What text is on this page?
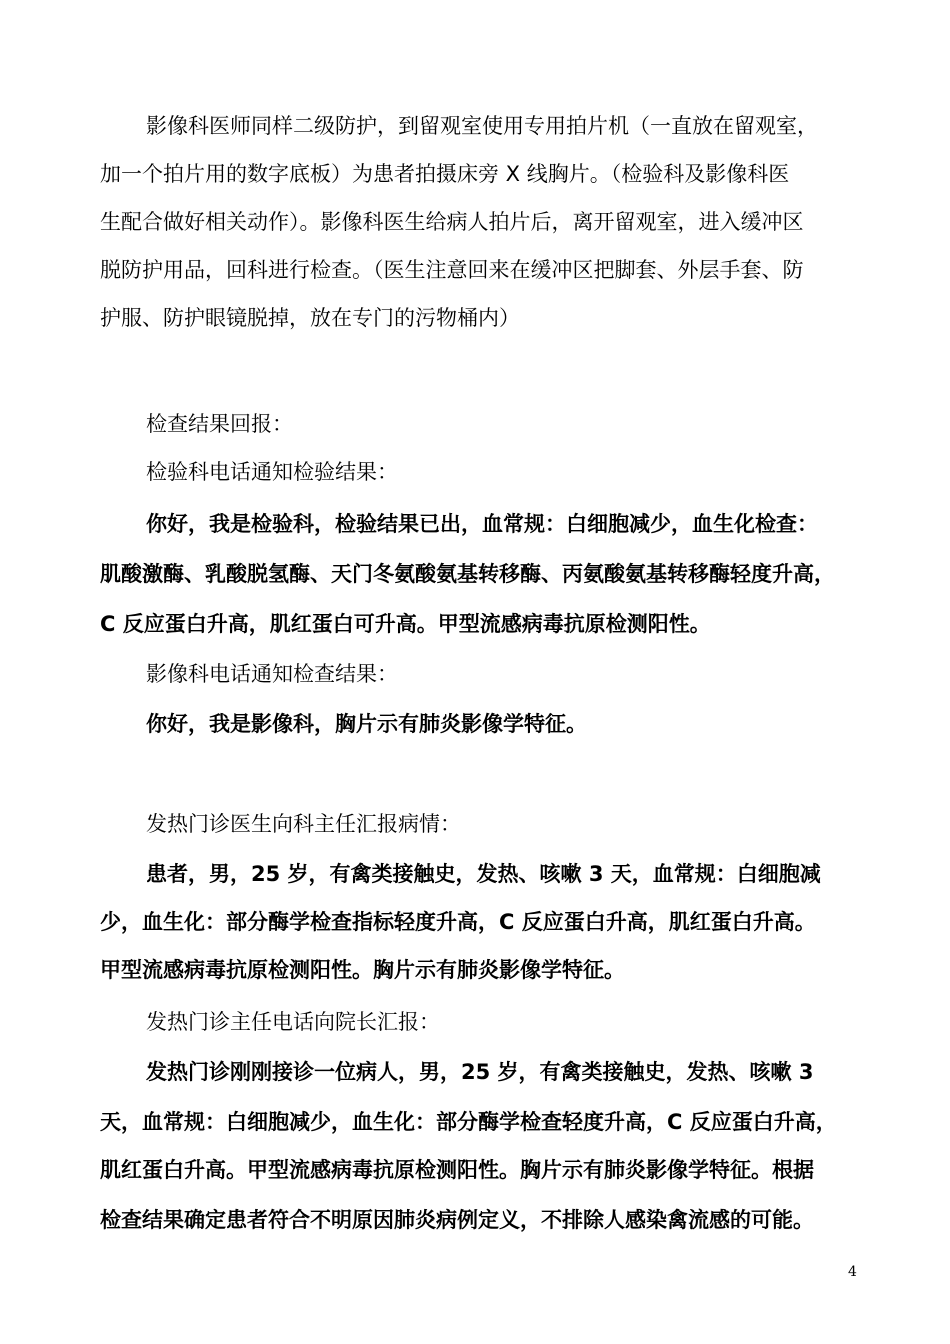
影像科医师同样二级防护，到留观室使用专用拍片机（一直放在留观室，
加一个拍片用的数字底板）为患者拍摄床旁 X 线胸片。（检验科及影像科医
生配合做好相关动作）。影像科医生给病人拍片后，离开留观室，进入缓冲区
脱防护用品，回科进行检查。（医生注意回来在缓冲区把脚套、外层手套、防
护服、防护眼镜脱掉，放在专门的污物桶内）
检查结果回报：
检验科电话通知检验结果：
你好，我是检验科，检验结果已出，血常规：白细胞减少，血生化检查：
肌酸激酶、乳酸脱氢酶、天门冬氨酸氨基转移酶、丙氨酸氨基转移酶轻度升高，
C 反应蛋白升高，肌红蛋白可升高。甲型流感病毒抗原检测阳性。
影像科电话通知检查结果：
你好，我是影像科，胸片示有肺炎影像学特征。
发热门诊医生向科主任汇报病情：
患者，男，25 岁，有禽类接触史，发热、咳嗽 3 天，血常规：白细胞减
少，血生化：部分酶学检查指标轻度升高，C 反应蛋白升高，肌红蛋白升高。
甲型流感病毒抗原检测阳性。胸片示有肺炎影像学特征。
发热门诊主任电话向院长汇报：
发热门诊刚刚接诊一位病人，男，25 岁，有禽类接触史，发热、咳嗽 3
天，血常规：白细胞减少，血生化：部分酶学检查轻度升高，C 反应蛋白升高，
肌红蛋白升高。甲型流感病毒抗原检测阳性。胸片示有肺炎影像学特征。根据
检查结果确定患者符合不明原因肺炎病例定义，不排除人感染禽流感的可能。
4
